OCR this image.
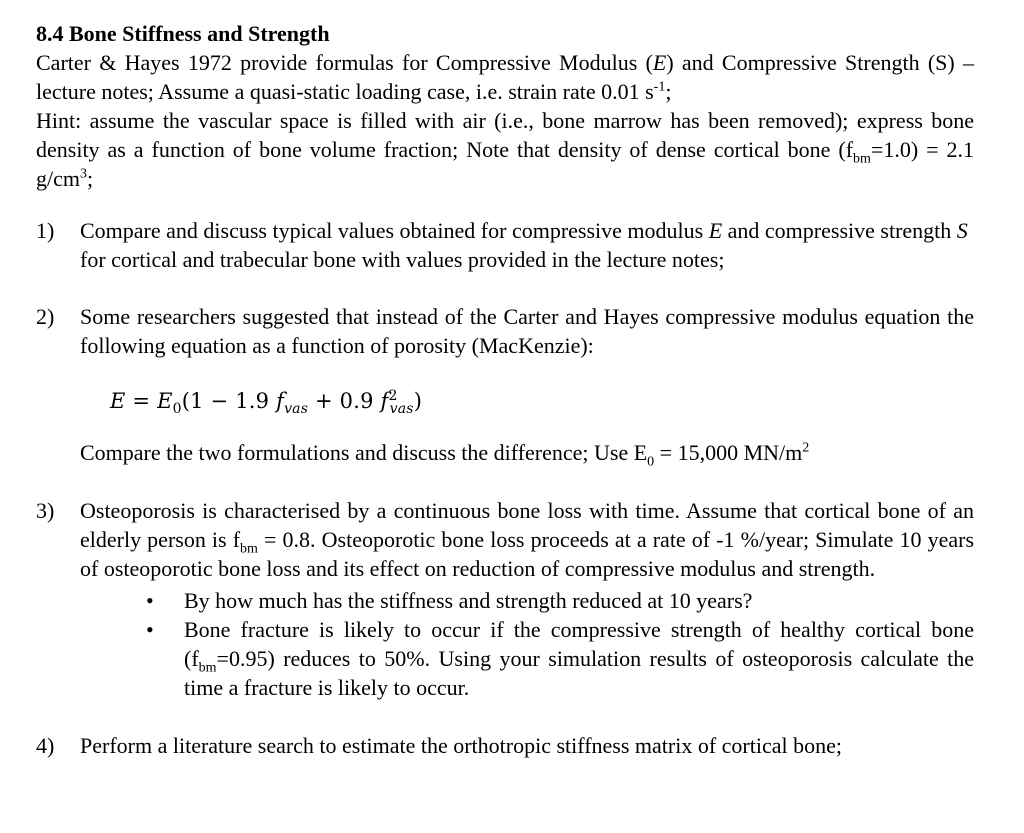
8.4 Bone Stiffness and Strength

Carter & Hayes 1972 provide formulas for Compressive Modulus (E) and Compressive Strength (S) – lecture notes; Assume a quasi-static loading case, i.e. strain rate 0.01 $s^{-1}$;

Hint: assume the vascular space is filled with air (i.e., bone marrow has been removed); express bone density as a function of bone volume fraction; Note that density of dense cortical bone $(f_{bm}=1.0) = 2.1$ $g/cm^3$;

1) Compare and discuss typical values obtained for compressive modulus E and compressive strength S for cortical and trabecular bone with values provided in the lecture notes;

2) Some researchers suggested that instead of the Carter and Hayes compressive modulus equation the following equation as a function of porosity (MacKenzie):

$E = E_0(1 - 1.9$ $f_{vas} + 0.9$ $f^2_{vas}$)

Compare the two formulations and discuss the difference; Use $E_0 = 15,000$ $MN/m^2$

3) Osteoporosis is characterised by a continuous bone loss with time. Assume that cortical bone of an elderly person is $f_{bm} = 0.8$. Osteoporotic bone loss proceeds at a rate of -1 %/year; Simulate 10 years of osteoporotic bone loss and its effect on reduction of compressive modulus and strength.

• By how much has the stiffness and strength reduced at 10 years?
• Bone fracture is likely to occur if the compressive strength of healthy cortical bone $(f_{bm}=0.95)$ reduces to 50%. Using your simulation results of osteoporosis calculate the time a fracture is likely to occur.
4) Perform a literature search to estimate the orthotropic stiffness matrix of cortical bone;
